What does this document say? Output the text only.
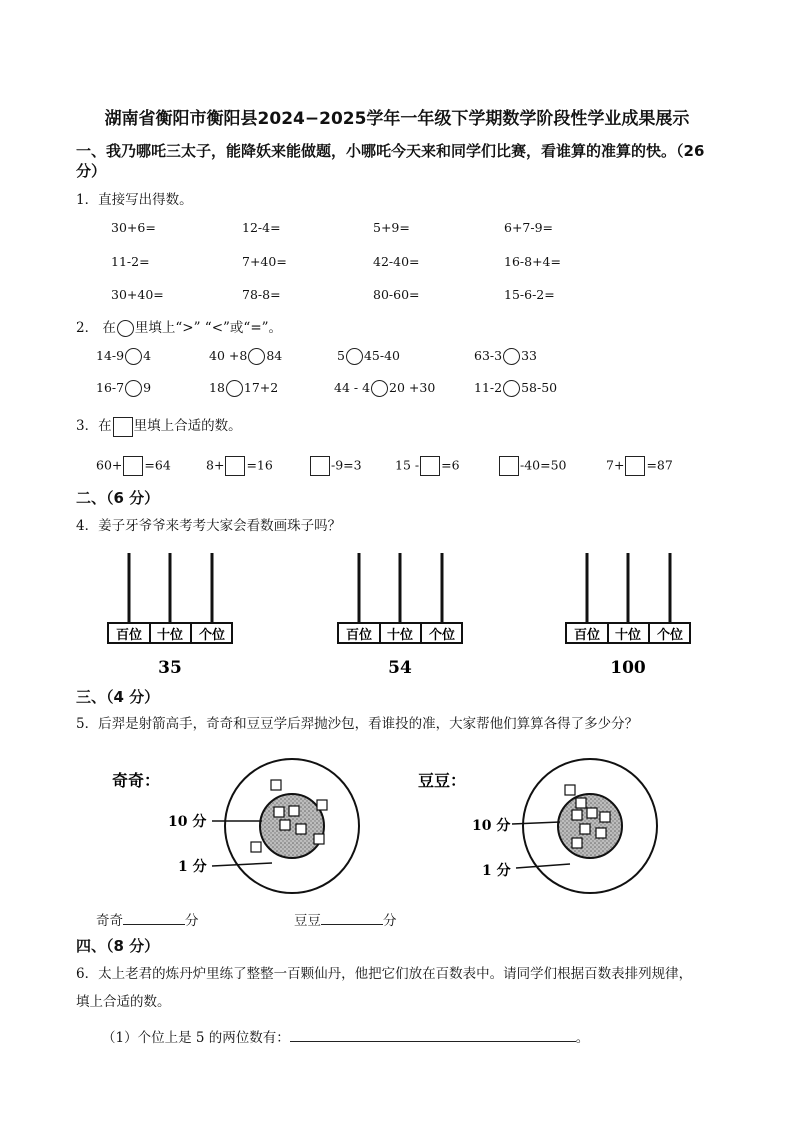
湖南省衡阳市衡阳县2024−2025学年一年级下学期数学阶段性学业成果展示
一、我乃哪吒三太子，能降妖来能做题，小哪吒今天来和同学们比赛，看谁算的准算的快。（26
分）
1．直接写出得数。
30+6=	12-4=	5+9=	6+7-9=
11-2=	7+40=	42-40=	16-8+4=
30+40=	78-8=	80-60=	15-6-2=
2． 在 里填上“>” “<”或“=”。
14-9 4	40 +8 84	5 45-40	63-3 33
16-7 9	18 17+2	44 - 4 20 +30	11-2 58-50
3．在 里填上合适的数。
60+ =64	8+ =16	-9=3	15 - =6	-40=50	7+ =87
二、（6 分）
4．姜子牙爷爷来考考大家会看数画珠子吗？
百位 十位 个位
35
百位 十位 个位
54
百位 十位 个位
100
三、（4 分）
5．后羿是射箭高手，奇奇和豆豆学后羿抛沙包，看谁投的准，大家帮他们算算各得了多少分？
奇奇：
10 分
1 分
豆豆：
10 分
1 分
奇奇	分	豆豆	分
四、（8 分）
6．太上老君的炼丹炉里练了整整一百颗仙丹，他把它们放在百数表中。请同学们根据百数表排列规律，
填上合适的数。
（1）个位上是 5 的两位数有：	。
